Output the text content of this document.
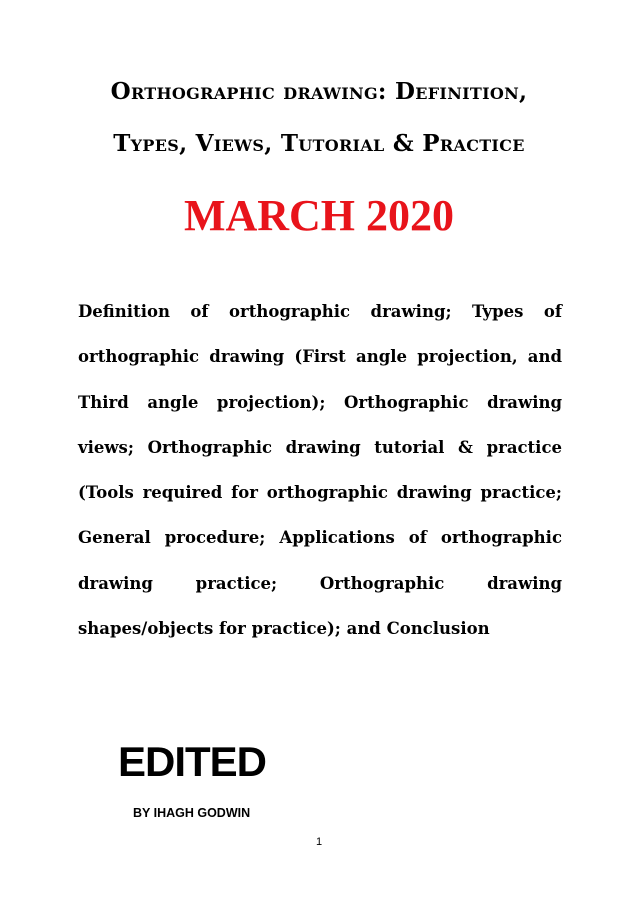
Orthographic drawing: Definition,
Types, Views, Tutorial & Practice
MARCH 2020

Definition of orthographic drawing; Types of orthographic drawing (First angle projection, and Third angle projection); Orthographic drawing views; Orthographic drawing tutorial & practice (Tools required for orthographic drawing practice; General procedure; Applications of orthographic drawing practice; Orthographic drawing shapes/objects for practice); and Conclusion

EDITED
BY IHAGH GODWIN
1
